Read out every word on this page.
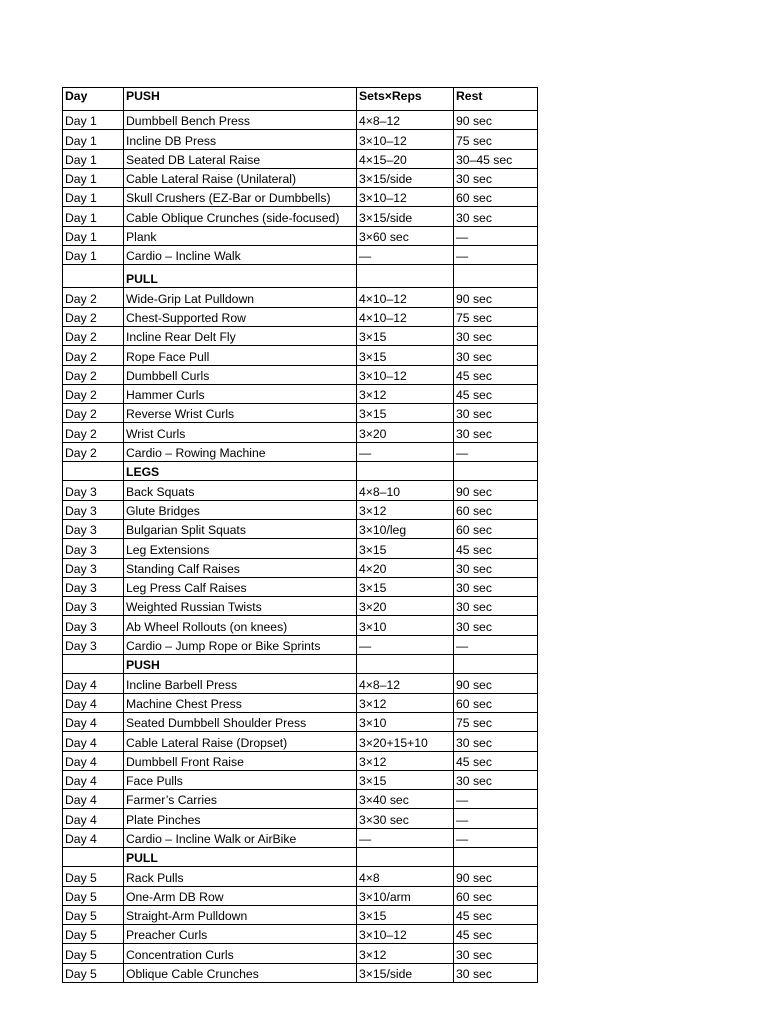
Day	PUSH	Sets×Reps	Rest
Day 1	Dumbbell Bench Press	4×8–12	90 sec
Day 1	Incline DB Press	3×10–12	75 sec
Day 1	Seated DB Lateral Raise	4×15–20	30–45 sec
Day 1	Cable Lateral Raise (Unilateral)	3×15/side	30 sec
Day 1	Skull Crushers (EZ-Bar or Dumbbells)	3×10–12	60 sec
Day 1	Cable Oblique Crunches (side-focused)	3×15/side	30 sec
Day 1	Plank	3×60 sec	—
Day 1	Cardio – Incline Walk	—	—
	PULL		
Day 2	Wide-Grip Lat Pulldown	4×10–12	90 sec
Day 2	Chest-Supported Row	4×10–12	75 sec
Day 2	Incline Rear Delt Fly	3×15	30 sec
Day 2	Rope Face Pull	3×15	30 sec
Day 2	Dumbbell Curls	3×10–12	45 sec
Day 2	Hammer Curls	3×12	45 sec
Day 2	Reverse Wrist Curls	3×15	30 sec
Day 2	Wrist Curls	3×20	30 sec
Day 2	Cardio – Rowing Machine	—	—
	LEGS		
Day 3	Back Squats	4×8–10	90 sec
Day 3	Glute Bridges	3×12	60 sec
Day 3	Bulgarian Split Squats	3×10/leg	60 sec
Day 3	Leg Extensions	3×15	45 sec
Day 3	Standing Calf Raises	4×20	30 sec
Day 3	Leg Press Calf Raises	3×15	30 sec
Day 3	Weighted Russian Twists	3×20	30 sec
Day 3	Ab Wheel Rollouts (on knees)	3×10	30 sec
Day 3	Cardio – Jump Rope or Bike Sprints	—	—
	PUSH		
Day 4	Incline Barbell Press	4×8–12	90 sec
Day 4	Machine Chest Press	3×12	60 sec
Day 4	Seated Dumbbell Shoulder Press	3×10	75 sec
Day 4	Cable Lateral Raise (Dropset)	3×20+15+10	30 sec
Day 4	Dumbbell Front Raise	3×12	45 sec
Day 4	Face Pulls	3×15	30 sec
Day 4	Farmer’s Carries	3×40 sec	—
Day 4	Plate Pinches	3×30 sec	—
Day 4	Cardio – Incline Walk or AirBike	—	—
	PULL		
Day 5	Rack Pulls	4×8	90 sec
Day 5	One-Arm DB Row	3×10/arm	60 sec
Day 5	Straight-Arm Pulldown	3×15	45 sec
Day 5	Preacher Curls	3×10–12	45 sec
Day 5	Concentration Curls	3×12	30 sec
Day 5	Oblique Cable Crunches	3×15/side	30 sec
